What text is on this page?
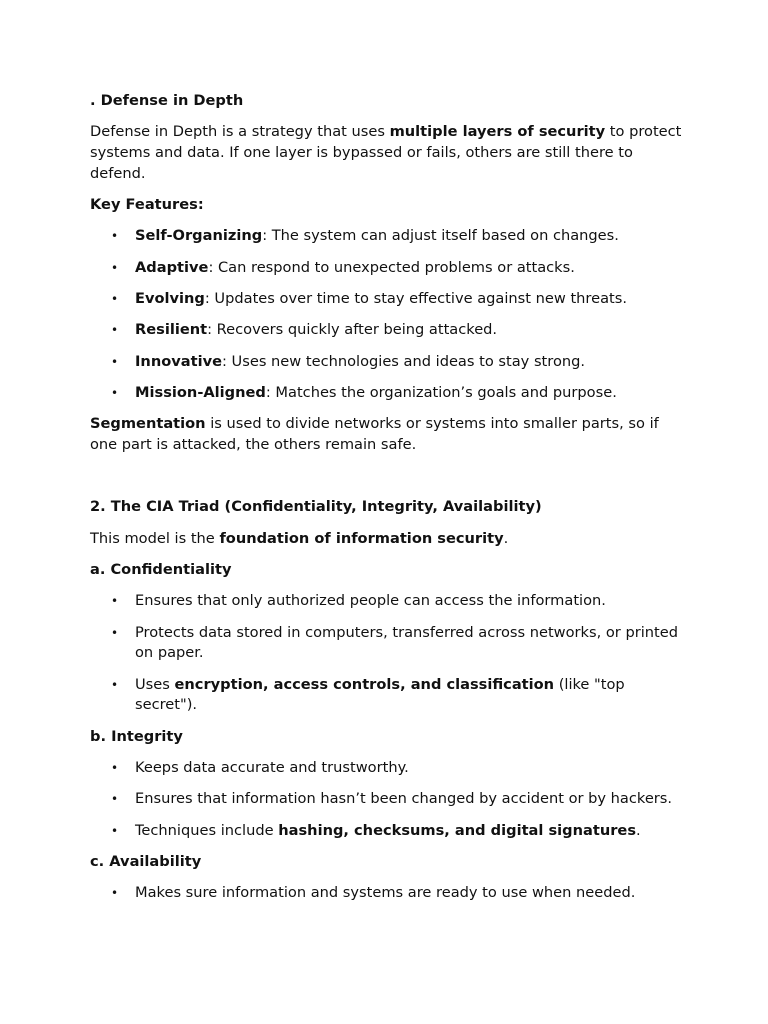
. Defense in Depth
Defense in Depth is a strategy that uses multiple layers of security to protect systems and data. If one layer is bypassed or fails, others are still there to defend.
Key Features:
• Self-Organizing: The system can adjust itself based on changes.
• Adaptive: Can respond to unexpected problems or attacks.
• Evolving: Updates over time to stay effective against new threats.
• Resilient: Recovers quickly after being attacked.
• Innovative: Uses new technologies and ideas to stay strong.
• Mission-Aligned: Matches the organization’s goals and purpose.
Segmentation is used to divide networks or systems into smaller parts, so if one part is attacked, the others remain safe.
2. The CIA Triad (Confidentiality, Integrity, Availability)
This model is the foundation of information security.
a. Confidentiality
• Ensures that only authorized people can access the information.
• Protects data stored in computers, transferred across networks, or printed on paper.
• Uses encryption, access controls, and classification (like "top secret").
b. Integrity
• Keeps data accurate and trustworthy.
• Ensures that information hasn’t been changed by accident or by hackers.
• Techniques include hashing, checksums, and digital signatures.
c. Availability
• Makes sure information and systems are ready to use when needed.
